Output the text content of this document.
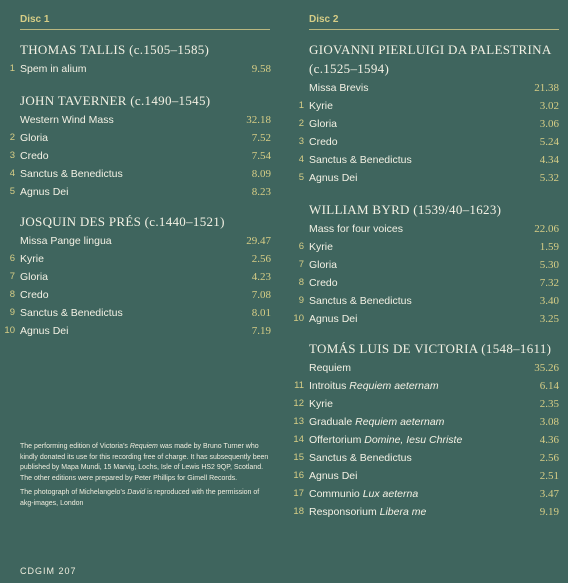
Disc 1	Disc 2
THOMAS TALLIS (c.1505–1585)
1 Spem in alium	9.58
JOHN TAVERNER (c.1490–1545)
Western Wind Mass	32.18
2 Gloria	7.52
3 Credo	7.54
4 Sanctus & Benedictus	8.09
5 Agnus Dei	8.23
JOSQUIN DES PRÉS (c.1440–1521)
Missa Pange lingua	29.47
6 Kyrie	2.56
7 Gloria	4.23
8 Credo	7.08
9 Sanctus & Benedictus	8.01
10 Agnus Dei	7.19
GIOVANNI PIERLUIGI DA PALESTRINA
(c.1525–1594)
Missa Brevis	21.38
1 Kyrie	3.02
2 Gloria	3.06
3 Credo	5.24
4 Sanctus & Benedictus	4.34
5 Agnus Dei	5.32
WILLIAM BYRD (1539/40–1623)
Mass for four voices	22.06
6 Kyrie	1.59
7 Gloria	5.30
8 Credo	7.32
9 Sanctus & Benedictus	3.40
10 Agnus Dei	3.25
TOMÁS LUIS DE VICTORIA (1548–1611)
Requiem	35.26
11 Introitus Requiem aeternam	6.14
12 Kyrie	2.35
13 Graduale Requiem aeternam	3.08
14 Offertorium Domine, Iesu Christe	4.36
15 Sanctus & Benedictus	2.56
16 Agnus Dei	2.51
17 Communio Lux aeterna	3.47
18 Responsorium Libera me	9.19

The performing edition of Victoria’s Requiem was made by Bruno Turner who kindly donated its use for this recording free of charge. It has subsequently been published by Mapa Mundi, 15 Marvig, Lochs, Isle of Lewis HS2 9QP, Scotland. The other editions were prepared by Peter Phillips for Gimell Records.

The photograph of Michelangelo’s David is reproduced with the permission of akg-images, London

CDGIM 207
